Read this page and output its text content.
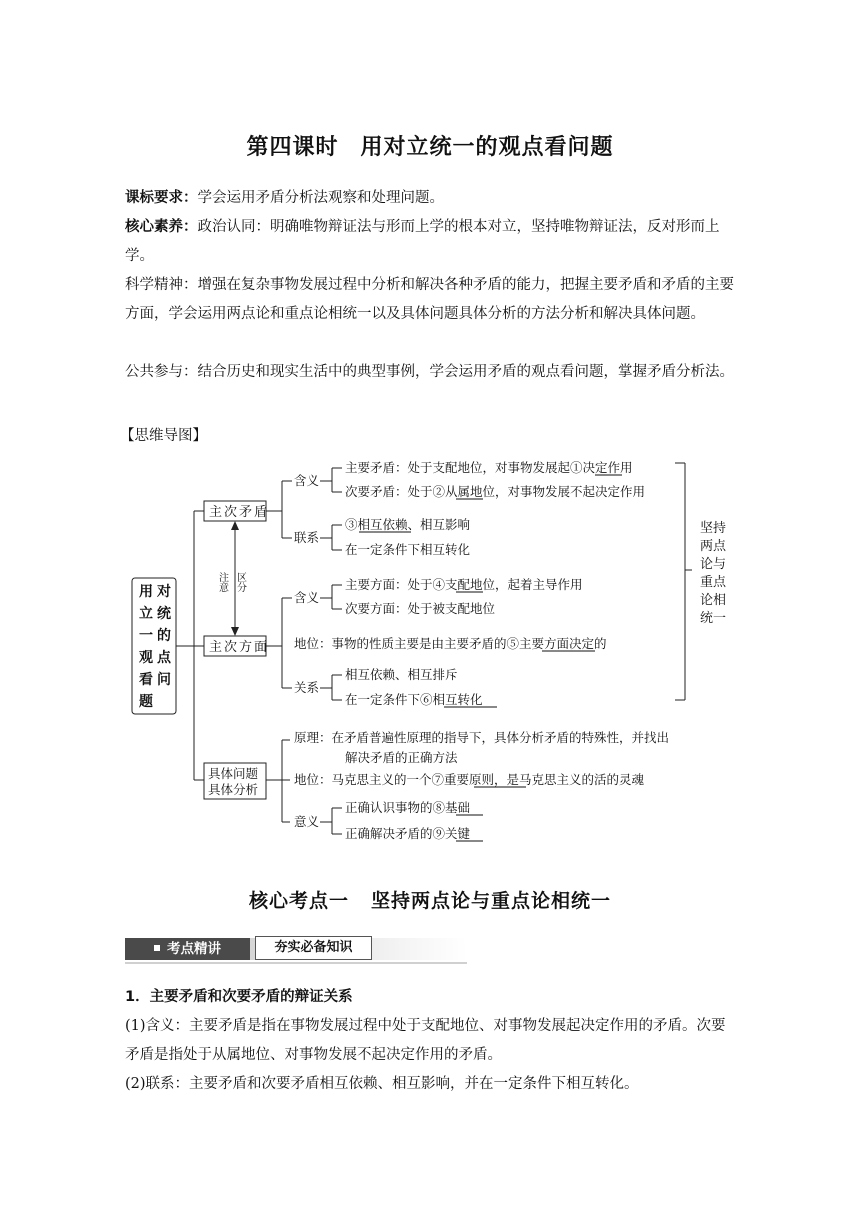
第四课时 用对立统一的观点看问题
课标要求：学会运用矛盾分析法观察和处理问题。
核心素养：政治认同：明确唯物辩证法与形而上学的根本对立，坚持唯物辩证法，反对形而上学。
科学精神：增强在复杂事物发展过程中分析和解决各种矛盾的能力，把握主要矛盾和矛盾的主要方面，学会运用两点论和重点论相统一以及具体问题具体分析的方法分析和解决具体问题。
公共参与：结合历史和现实生活中的典型事例，学会运用矛盾的观点看问题，掌握矛盾分析法。
【思维导图】
用
立
一
观
看
题
对
统
的
点
问
主次矛盾
主次方面
具体问题
具体分析
注意 区分
含义
主要矛盾：处于支配地位，对事物发展起①决定作用
次要矛盾：处于②从属地位，对事物发展不起决定作用
联系
③相互依赖、相互影响
在一定条件下相互转化
含义
主要方面：处于④支配地位，起着主导作用
次要方面：处于被支配地位
地位：事物的性质主要是由主要矛盾的⑤主要方面决定的
关系
相互依赖、相互排斥
在一定条件下⑥相互转化
坚持
两点
论与
重点
论相
统一
原理：在矛盾普遍性原理的指导下，具体分析矛盾的特殊性，并找出
解决矛盾的正确方法
地位：马克思主义的一个⑦重要原则，是马克思主义的活的灵魂
意义
正确认识事物的⑧基础
正确解决矛盾的⑨关键
核心考点一 坚持两点论与重点论相统一
考点精讲	夯实必备知识
1．主要矛盾和次要矛盾的辩证关系
(1)含义：主要矛盾是指在事物发展过程中处于支配地位、对事物发展起决定作用的矛盾。次要矛盾是指处于从属地位、对事物发展不起决定作用的矛盾。
(2)联系：主要矛盾和次要矛盾相互依赖、相互影响，并在一定条件下相互转化。
